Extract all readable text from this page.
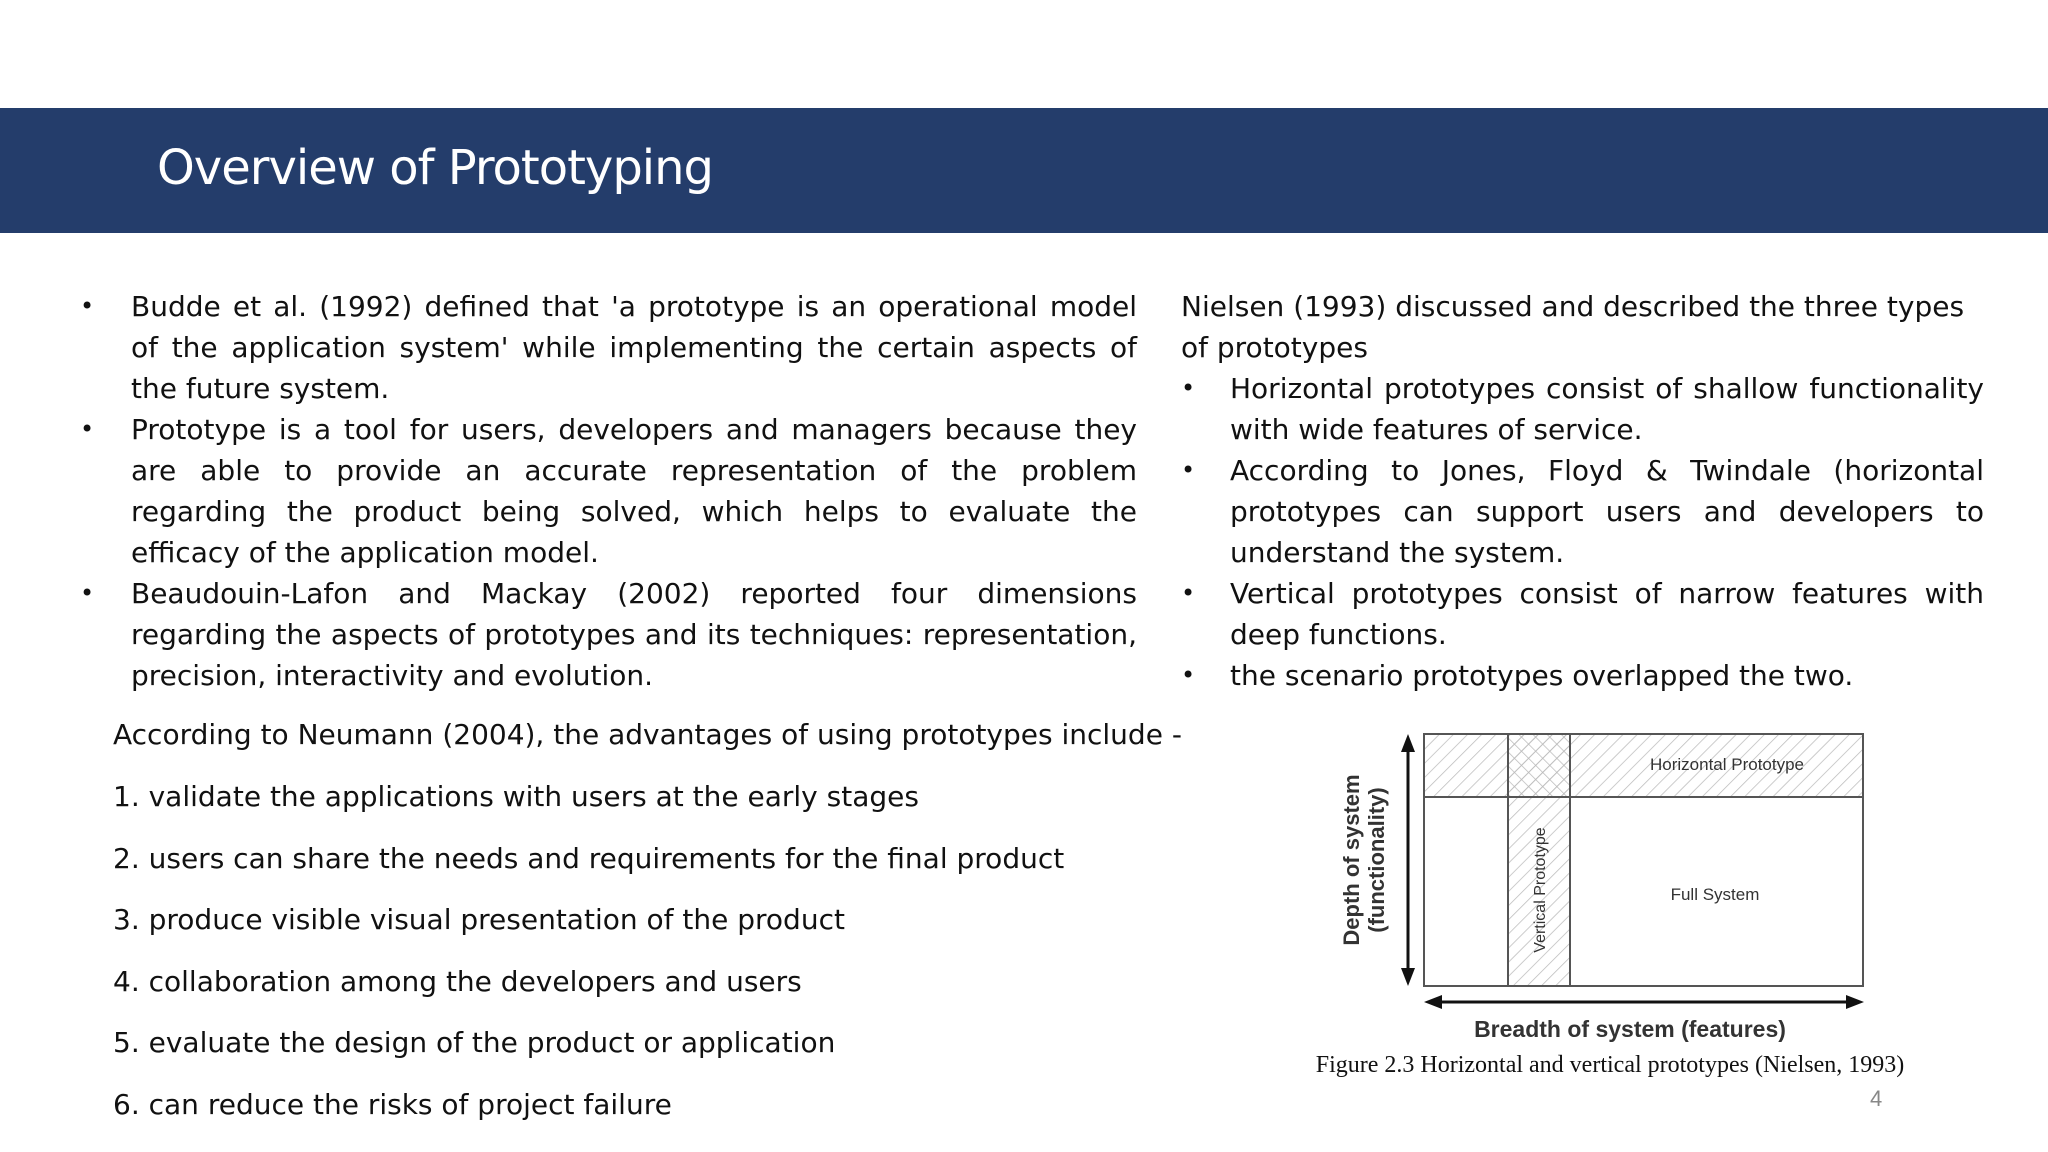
Overview of Prototyping
• Budde et al. (1992) defined that 'a prototype is an operational model of the application system' while implementing the certain aspects of the future system.
• Prototype is a tool for users, developers and managers because they are able to provide an accurate representation of the problem regarding the product being solved, which helps to evaluate the efficacy of the application model.
• Beaudouin-Lafon and Mackay (2002) reported four dimensions regarding the aspects of prototypes and its techniques: representation, precision, interactivity and evolution.
According to Neumann (2004), the advantages of using prototypes include -
1. validate the applications with users at the early stages
2. users can share the needs and requirements for the final product
3. produce visible visual presentation of the product
4. collaboration among the developers and users
5. evaluate the design of the product or application
6. can reduce the risks of project failure
Nielsen (1993) discussed and described the three types of prototypes
• Horizontal prototypes consist of shallow functionality with wide features of service.
• According to Jones, Floyd & Twindale (horizontal prototypes can support users and developers to understand the system.
• Vertical prototypes consist of narrow features with deep functions.
• the scenario prototypes overlapped the two.
Horizontal Prototype
Full System
Vertical Prototype
Depth of system (functionality)
Breadth of system (features)
Figure 2.3 Horizontal and vertical prototypes (Nielsen, 1993)
4
